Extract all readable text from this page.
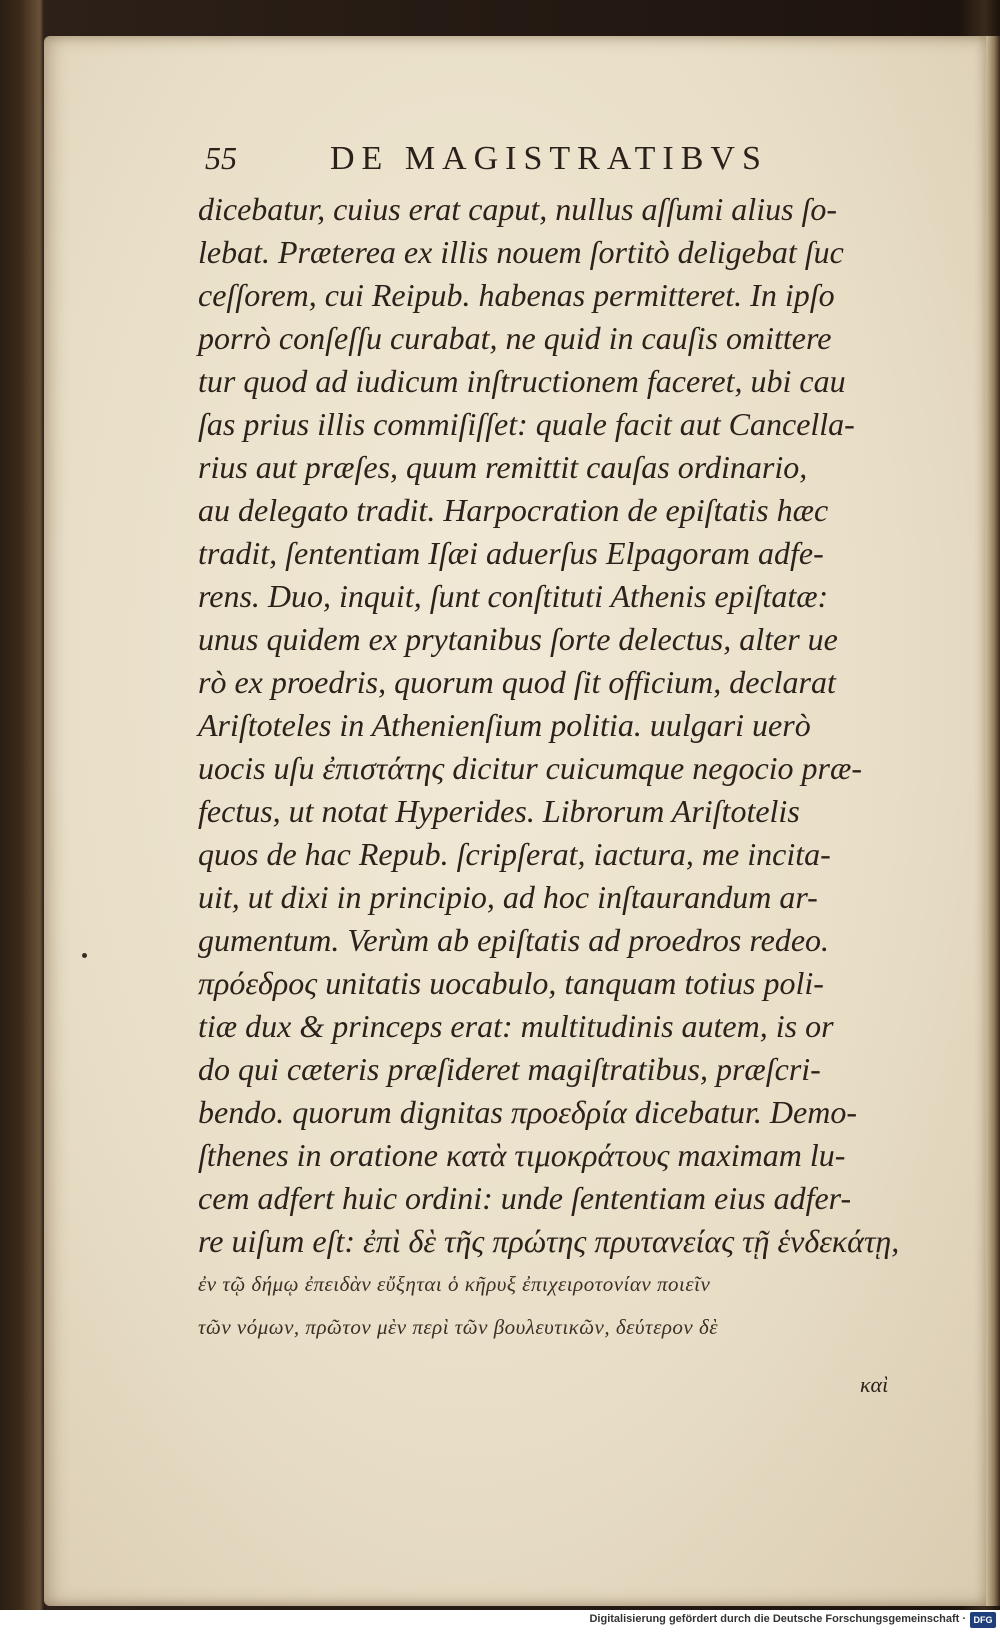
55	DE MAGISTRATIBVS
dicebatur, cuius erat caput, nullus aſſumi alius ſo-
lebat. Præterea ex illis nouem ſortitò deligebat ſuc
ceſſorem, cui Reipub. habenas permitteret. In ipſo
porrò conſeſſu curabat, ne quid in cauſis omittere
tur quod ad iudicum inſtructionem faceret, ubi cau
ſas prius illis commiſiſſet: quale facit aut Cancella-
rius aut præſes, quum remittit cauſas ordinario,
au delegato tradit. Harpocration de epiſtatis hæc
tradit, ſententiam Iſæi aduerſus Elpagoram adfe-
rens. Duo, inquit, ſunt conſtituti Athenis epiſtatæ:
unus quidem ex prytanibus ſorte delectus, alter ue
rò ex proedris, quorum quod ſit officium, declarat
Ariſtoteles in Athenienſium politia. uulgari uerò
uocis uſu ἐπιστάτης dicitur cuicumque negocio præ-
fectus, ut notat Hyperides. Librorum Ariſtotelis
quos de hac Repub. ſcripſerat, iactura, me incita-
uit, ut dixi in principio, ad hoc inſtaurandum ar-
gumentum. Verùm ab epiſtatis ad proedros redeo.
πρόεδρος unitatis uocabulo, tanquam totius poli-
tiæ dux & princeps erat: multitudinis autem, is or
do qui cæteris præſideret magiſtratibus, præſcri-
bendo. quorum dignitas προεδρία dicebatur. Demo-
ſthenes in oratione κατὰ τιμοκράτους maximam lu-
cem adfert huic ordini: unde ſententiam eius adfer-
re uiſum eſt: ἐπὶ δὲ τῆς πρώτης πρυτανείας τῇ ἑνδεκάτῃ,
ἐν τῷ δήμῳ ἐπειδὰν εὔξηται ὁ κῆρυξ ἐπιχειροτονίαν ποιεῖν
τῶν νόμων, πρῶτον μὲν περὶ τῶν βουλευτικῶν, δεύτερον δὲ
καὶ
Digitalisierung gefördert durch die Deutsche Forschungsgemeinschaft · DFG
